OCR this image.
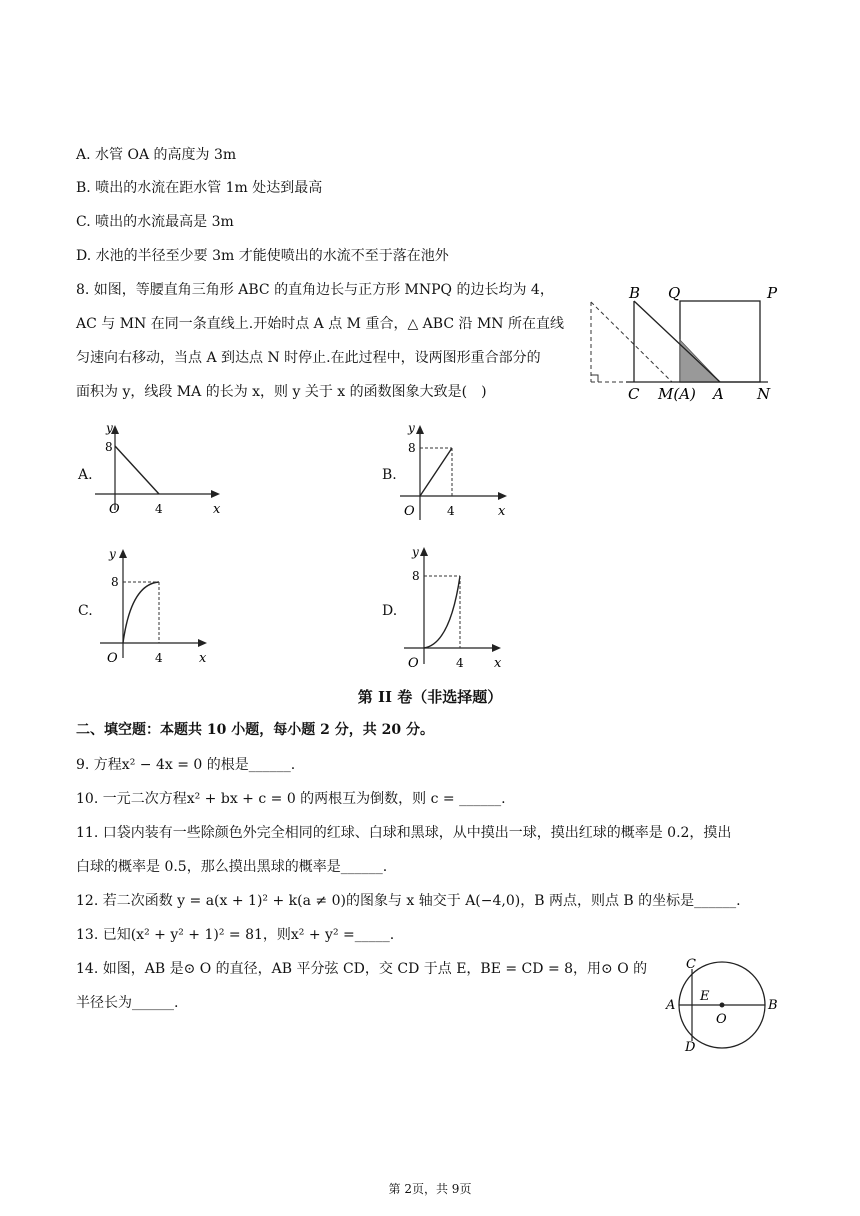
A. 水管 OA 的高度为 3m
B. 喷出的水流在距水管 1m 处达到最高
C. 喷出的水流最高是 3m
D. 水池的半径至少要 3m 才能使喷出的水流不至于落在池外
8. 如图，等腰直角三角形 ABC 的直角边长与正方形 MNPQ 的边长均为 4，
AC 与 MN 在同一条直线上.开始时点 A 点 M 重合，△ ABC 沿 MN 所在直线
匀速向右移动，当点 A 到达点 N 时停止.在此过程中，设两图形重合部分的
面积为 y，线段 MA 的长为 x，则 y 关于 x 的函数图象大致是(　)
B Q	P
C M(A) A N
A.
y
8
O	4	x
B.
y
8
O	4	x
C.
y
8
O	4	x
D.
y
8
O	4 x
第 II 卷（非选择题）
二、填空题：本题共 10 小题，每小题 2 分，共 20 分。
9. 方程x² − 4x = 0 的根是______.
10. 一元二次方程x² + bx + c = 0 的两根互为倒数，则 c = ______.
11. 口袋内装有一些除颜色外完全相同的红球、白球和黑球，从中摸出一球，摸出红球的概率是 0.2，摸出
白球的概率是 0.5，那么摸出黑球的概率是______.
12. 若二次函数 y = a(x + 1)² + k(a ≠ 0)的图象与 x 轴交于 A(−4,0)，B 两点，则点 B 的坐标是______.
13. 已知(x² + y² + 1)² = 81，则x² + y² =_____.
14. 如图，AB 是⊙ O 的直径，AB 平分弦 CD，交 CD 于点 E，BE = CD = 8，用⊙ O 的
半径长为______.
C
A
E
O
B
D
第 2页，共 9页
